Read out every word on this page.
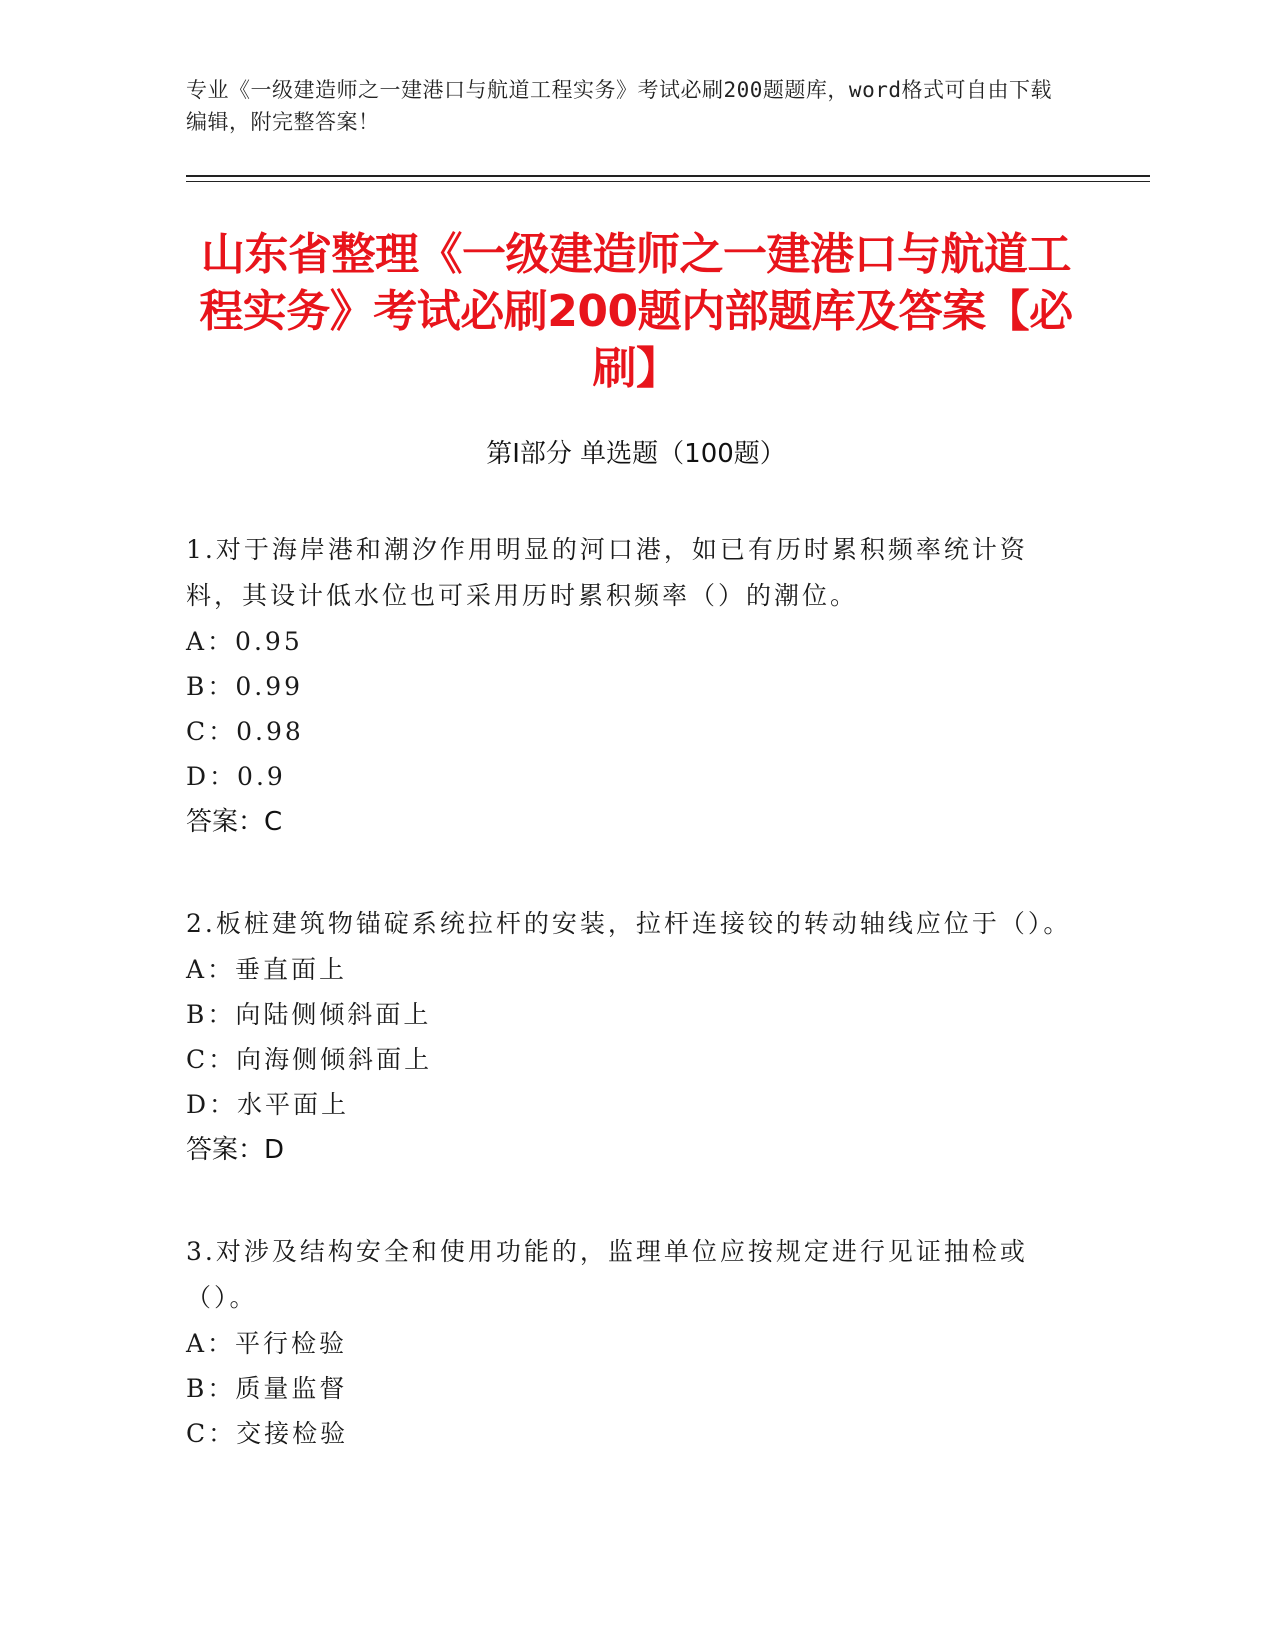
专业《一级建造师之一建港口与航道工程实务》考试必刷200题题库，word格式可自由下载编辑，附完整答案！
山东省整理《一级建造师之一建港口与航道工程实务》考试必刷200题内部题库及答案【必刷】
第Ⅰ部分 单选题（100题）
1.对于海岸港和潮汐作用明显的河口港，如已有历时累积频率统计资料，其设计低水位也可采用历时累积频率（）的潮位。
A：0.95
B：0.99
C：0.98
D：0.9
答案：C
2.板桩建筑物锚碇系统拉杆的安装，拉杆连接铰的转动轴线应位于（）。
A：垂直面上
B：向陆侧倾斜面上
C：向海侧倾斜面上
D：水平面上
答案：D
3.对涉及结构安全和使用功能的，监理单位应按规定进行见证抽检或（）。
A：平行检验
B：质量监督
C：交接检验
